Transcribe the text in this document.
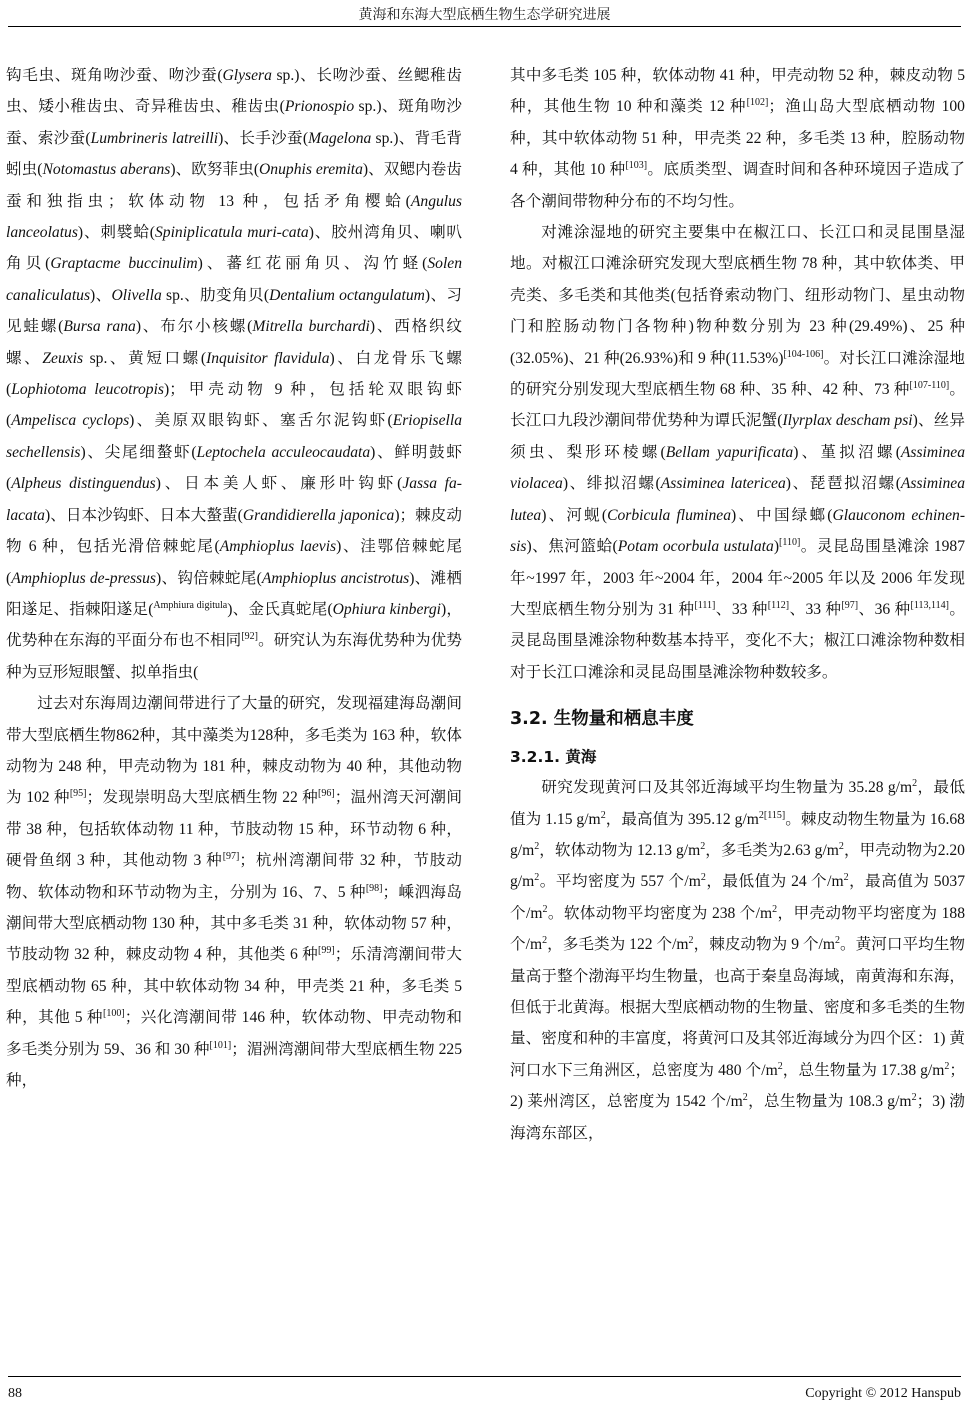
黄海和东海大型底栖生物生态学研究进展

钩毛虫、斑角吻沙蚕、吻沙蚕(Glysera sp.)、长吻沙蚕、丝鳃稚齿虫、矮小稚齿虫、奇异稚齿虫、稚齿虫(Prionospio sp.)、斑角吻沙蚕、索沙蚕(Lumbrineris latreilli)、长手沙蚕(Magelona sp.)、背毛背蚓虫(Notomastus aberans)、欧努菲虫(Onuphis eremita)、双鳃内卷齿蚕和独指虫；软体动物 13 种，包括矛角樱蛤(Angulus lanceolatus)、刺襞蛤(Spiniplicatula muri-cata)、胶州湾角贝、喇叭角贝(Graptacme buccinulim)、蕃红花丽角贝、沟竹蛏(Solen canaliculatus)、Olivella sp.、肋变角贝(Dentalium octangulatum)、习见蛙螺(Bursa rana)、布尔小核螺(Mitrella burchardi)、西格织纹螺、Zeuxis sp.、黄短口螺(Inquisitor flavidula)、白龙骨乐飞螺(Lophiotoma leucotropis)；甲壳动物 9 种，包括轮双眼钩虾(Ampelisca cyclops)、美原双眼钩虾、塞舌尔泥钩虾(Eriopisella sechellensis)、尖尾细螯虾(Leptochela acculeocaudata)、鲜明鼓虾(Alpheus distinguendus)、日本美人虾、廉形叶钩虾(Jassa fa-lacata)、日本沙钩虾、日本大螯蜚(Grandidierella japonica)；棘皮动物 6 种，包括光滑倍棘蛇尾(Amphioplus laevis)、洼鄂倍棘蛇尾(Amphioplus de-pressus)、钩倍棘蛇尾(Amphioplus ancistrotus)、滩栖阳遂足、指棘阳遂足($^{Amphiura digitula}$)、金氏真蛇尾(Ophiura kinbergi)，优势种在东海的平面分布也不相同[92]。研究认为东海优势种为优势种为豆形短眼蟹、拟单指虫(

过去对东海周边潮间带进行了大量的研究，发现福建海岛潮间带大型底栖生物862种，其中藻类为128种，多毛类为 163 种，软体动物为 248 种，甲壳动物为 181 种，棘皮动物为 40 种，其他动物为 102 种[95]；发现崇明岛大型底栖生物 22 种[96]；温州湾天河潮间带 38 种，包括软体动物 11 种，节肢动物 15 种，环节动物 6 种，硬骨鱼纲 3 种，其他动物 3 种[97]；杭州湾潮间带 32 种，节肢动物、软体动物和环节动物为主，分别为 16、7、5 种[98]；嵊泗海岛潮间带大型底栖动物 130 种，其中多毛类 31 种，软体动物 57 种，节肢动物 32 种，棘皮动物 4 种，其他类 6 种[99]；乐清湾潮间带大型底栖动物 65 种，其中软体动物 34 种，甲壳类 21 种，多毛类 5 种，其他 5 种[100]；兴化湾潮间带 146 种，软体动物、甲壳动物和多毛类分别为 59、36 和 30 种[101]；湄洲湾潮间带大型底栖生物 225 种，

其中多毛类 105 种，软体动物 41 种，甲壳动物 52 种，棘皮动物 5 种，其他生物 10 种和藻类 12 种[102]；渔山岛大型底栖动物 100 种，其中软体动物 51 种，甲壳类 22 种，多毛类 13 种，腔肠动物 4 种，其他 10 种[103]。底质类型、调查时间和各种环境因子造成了各个潮间带物种分布的不均匀性。

对滩涂湿地的研究主要集中在椒江口、长江口和灵昆围垦湿地。对椒江口滩涂研究发现大型底栖生物 78 种，其中软体类、甲壳类、多毛类和其他类(包括脊索动物门、纽形动物门、星虫动物门和腔肠动物门各物种)物种数分别为 23 种(29.49%)、25 种(32.05%)、21 种(26.93%)和 9 种(11.53%)[104-106]。对长江口滩涂湿地的研究分别发现大型底栖生物 68 种、35 种、42 种、73 种[107-110]。长江口九段沙潮间带优势种为谭氏泥蟹(Ilyrplax descham psi)、丝异须虫、梨形环棱螺(Bellam yapurificata)、堇拟沼螺(Assiminea violacea)、绯拟沼螺(Assiminea latericea)、琵琶拟沼螺(Assiminea lutea)、河蚬(Corbicula fluminea)、中国绿螂(Glauconom echinen-sis)、焦河篮蛤(Potam ocorbula ustulata)[110]。灵昆岛围垦滩涂 1987 年~1997 年，2003 年~2004 年，2004 年~2005 年以及 2006 年发现大型底栖生物分别为 31 种[111]、33 种[112]、33 种[97]、36 种[113,114]。灵昆岛围垦滩涂物种数基本持平，变化不大；椒江口滩涂物种数相对于长江口滩涂和灵昆岛围垦滩涂物种数较多。

3.2. 生物量和栖息丰度
3.2.1. 黄海

研究发现黄河口及其邻近海域平均生物量为 35.28 $g/m^2$，最低值为 1.15 $g/m^2$，最高值为 395.12 $g/m^{2[115]}$。棘皮动物生物量为 16.68 $g/m^2$，软体动物为 12.13 $g/m^2$，多毛类为2.63 $g/m^2$，甲壳动物为2.20 $g/m^2$。平均密度为 557 个$/m^2$，最低值为 24 个$/m^2$，最高值为 5037 个$/m^2$。软体动物平均密度为 238 个$/m^2$，甲壳动物平均密度为 188 个$/m^2$，多毛类为 122 个$/m^2$，棘皮动物为 9 个$/m^2$。黄河口平均生物量高于整个渤海平均生物量，也高于秦皇岛海域，南黄海和东海，但低于北黄海。根据大型底栖动物的生物量、密度和多毛类的生物量、密度和种的丰富度，将黄河口及其邻近海域分为四个区：1) 黄河口水下三角洲区，总密度为 480 个$/m^2$，总生物量为 17.38 $g/m^2$；2) 莱州湾区，总密度为 1542 个$/m^2$，总生物量为 108.3 $g/m^2$；3) 渤海湾东部区，

88	Copyright © 2012 Hanspub
